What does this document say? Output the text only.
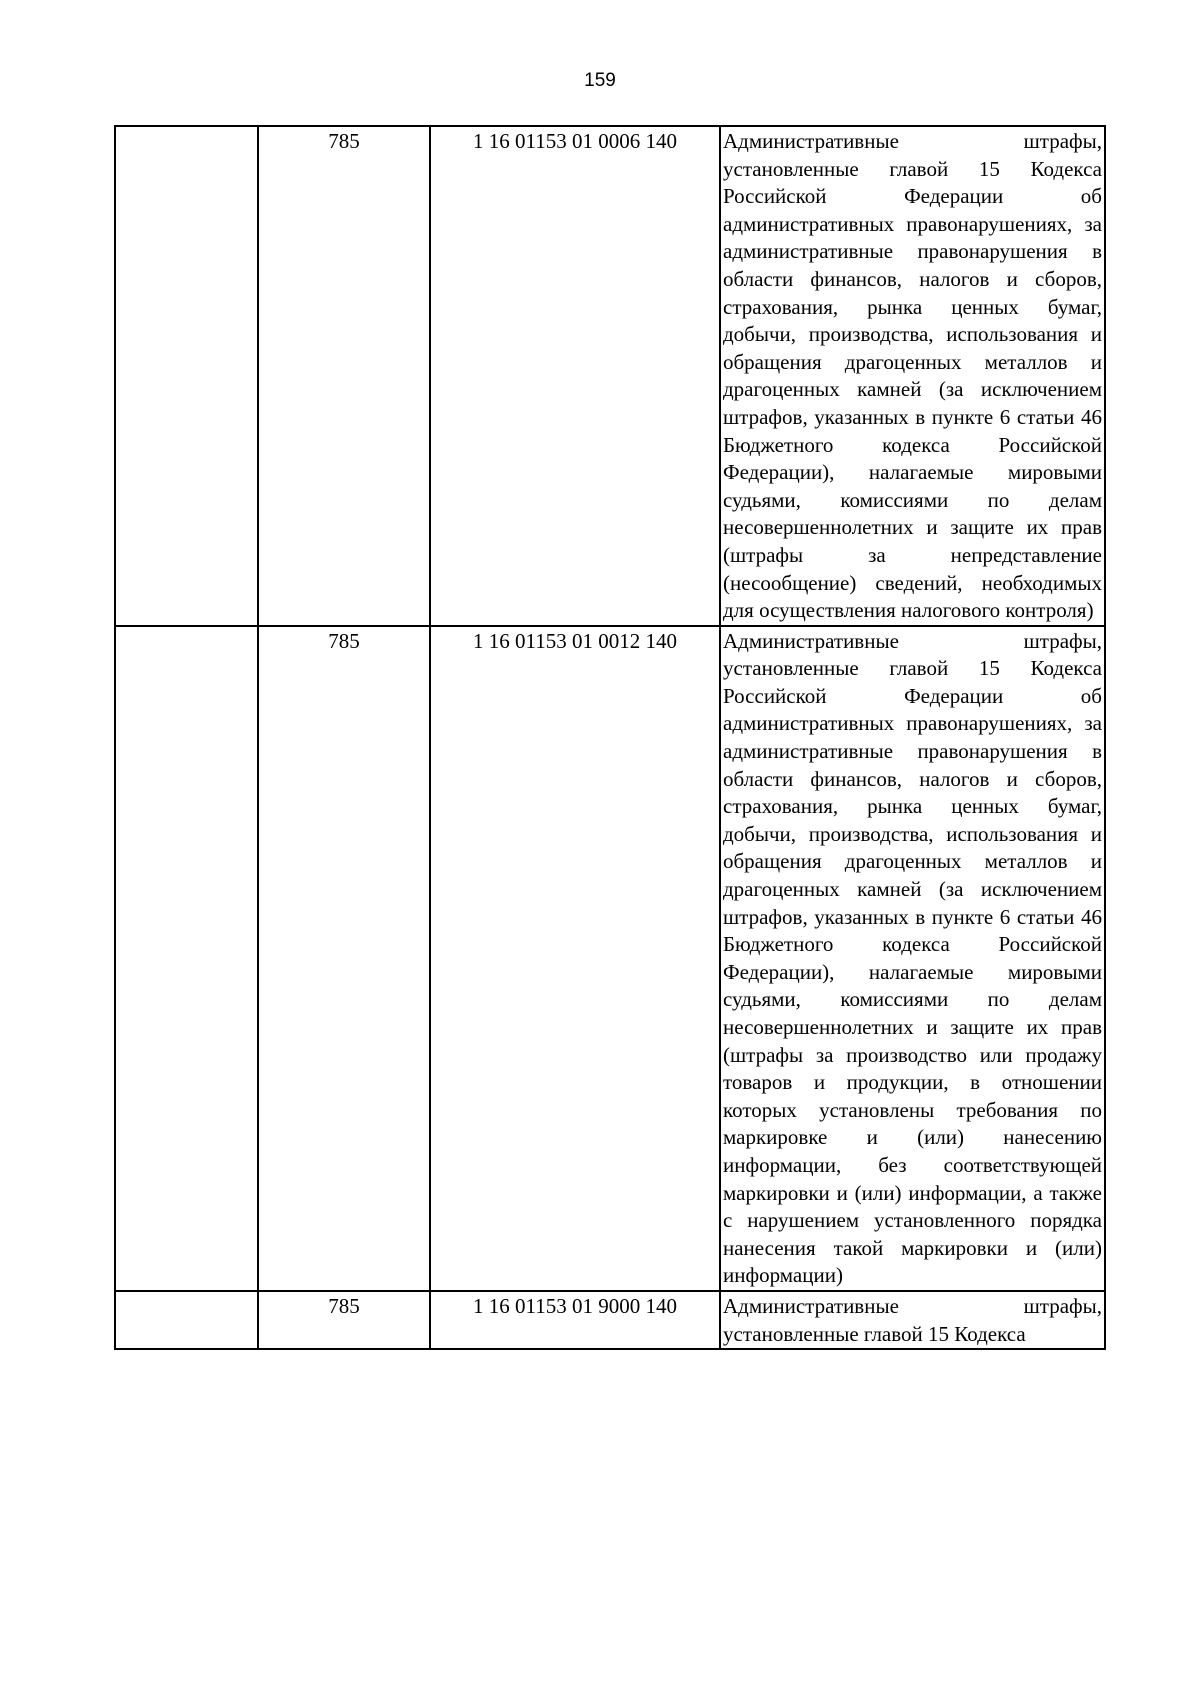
159
	785	1 16 01153 01 0006 140	Административные штрафы, установленные главой 15 Кодекса Российской Федерации об административных правонарушениях, за административные правонарушения в области финансов, налогов и сборов, страхования, рынка ценных бумаг, добычи, производства, использования и обращения драгоценных металлов и драгоценных камней (за исключением штрафов, указанных в пункте 6 статьи 46 Бюджетного кодекса Российской Федерации), налагаемые мировыми судьями, комиссиями по делам несовершеннолетних и защите их прав (штрафы за непредставление (несообщение) сведений, необходимых для осуществления налогового контроля)

	785	1 16 01153 01 0012 140	Административные штрафы, установленные главой 15 Кодекса Российской Федерации об административных правонарушениях, за административные правонарушения в области финансов, налогов и сборов, страхования, рынка ценных бумаг, добычи, производства, использования и обращения драгоценных металлов и драгоценных камней (за исключением штрафов, указанных в пункте 6 статьи 46 Бюджетного кодекса Российской Федерации), налагаемые мировыми судьями, комиссиями по делам несовершеннолетних и защите их прав (штрафы за производство или продажу товаров и продукции, в отношении которых установлены требования по маркировке и (или) нанесению информации, без соответствующей маркировки и (или) информации, а также с нарушением установленного порядка нанесения такой маркировки и (или) информации)

	785	1 16 01153 01 9000 140	Административные штрафы, установленные главой 15 Кодекса
